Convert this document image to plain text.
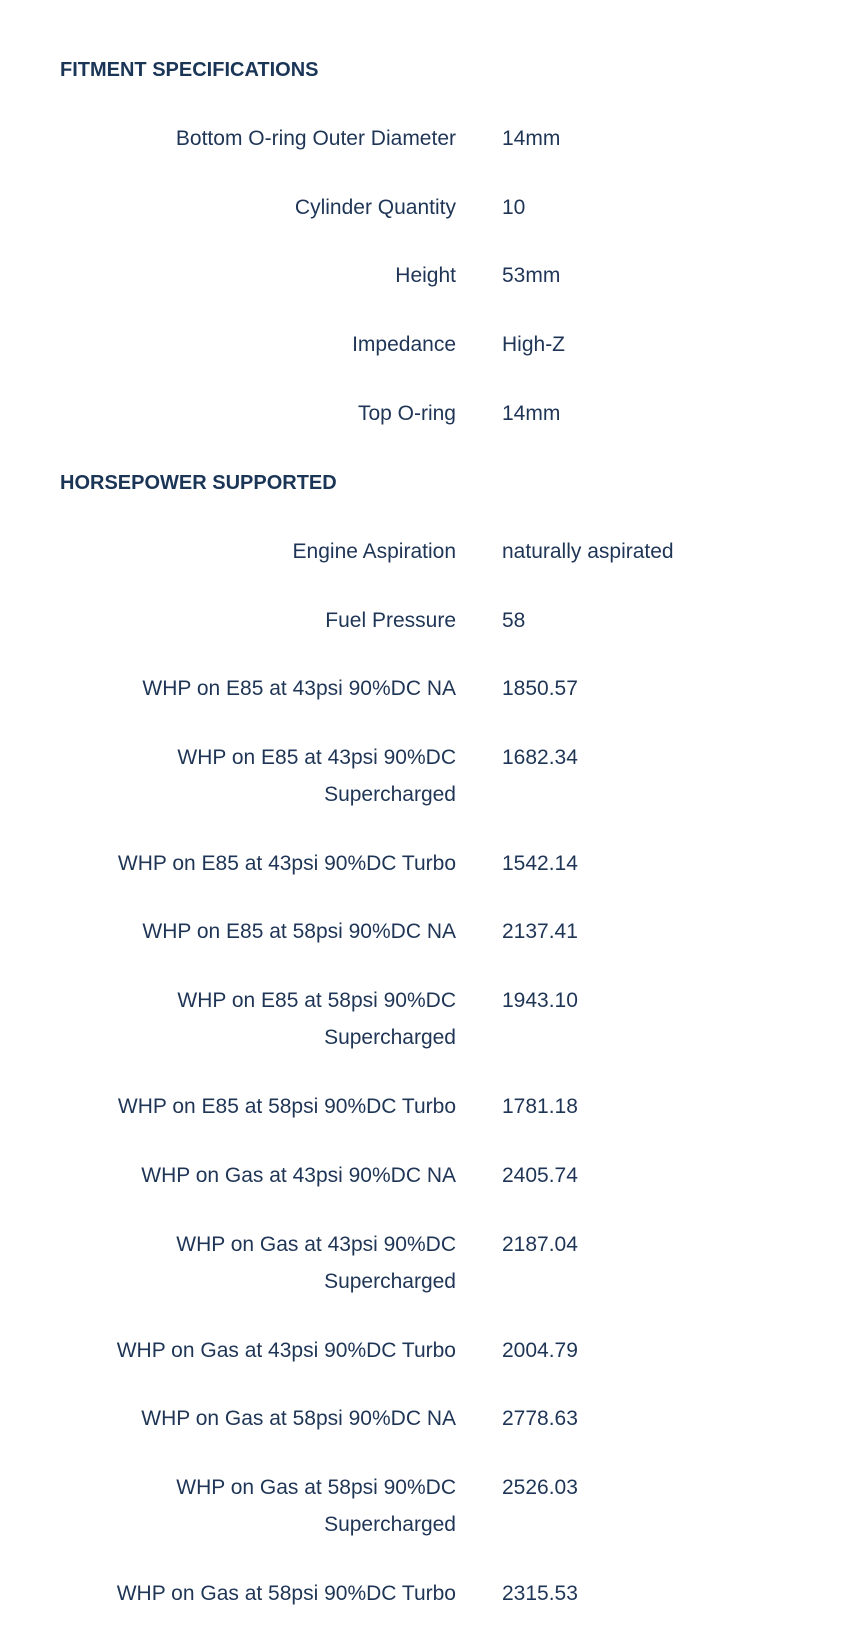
FITMENT SPECIFICATIONS
Bottom O-ring Outer Diameter 14mm
Cylinder Quantity 10
Height 53mm
Impedance High-Z
Top O-ring 14mm
HORSEPOWER SUPPORTED
Engine Aspiration naturally aspirated
Fuel Pressure 58
WHP on E85 at 43psi 90%DC NA 1850.57
WHP on E85 at 43psi 90%DC Supercharged
1682.34
WHP on E85 at 43psi 90%DC Turbo 1542.14
WHP on E85 at 58psi 90%DC NA 2137.41
WHP on E85 at 58psi 90%DC Supercharged
1943.10
WHP on E85 at 58psi 90%DC Turbo 1781.18
WHP on Gas at 43psi 90%DC NA 2405.74
WHP on Gas at 43psi 90%DC Supercharged
2187.04
WHP on Gas at 43psi 90%DC Turbo 2004.79
WHP on Gas at 58psi 90%DC NA 2778.63
WHP on Gas at 58psi 90%DC Supercharged
2526.03
WHP on Gas at 58psi 90%DC Turbo 2315.53
